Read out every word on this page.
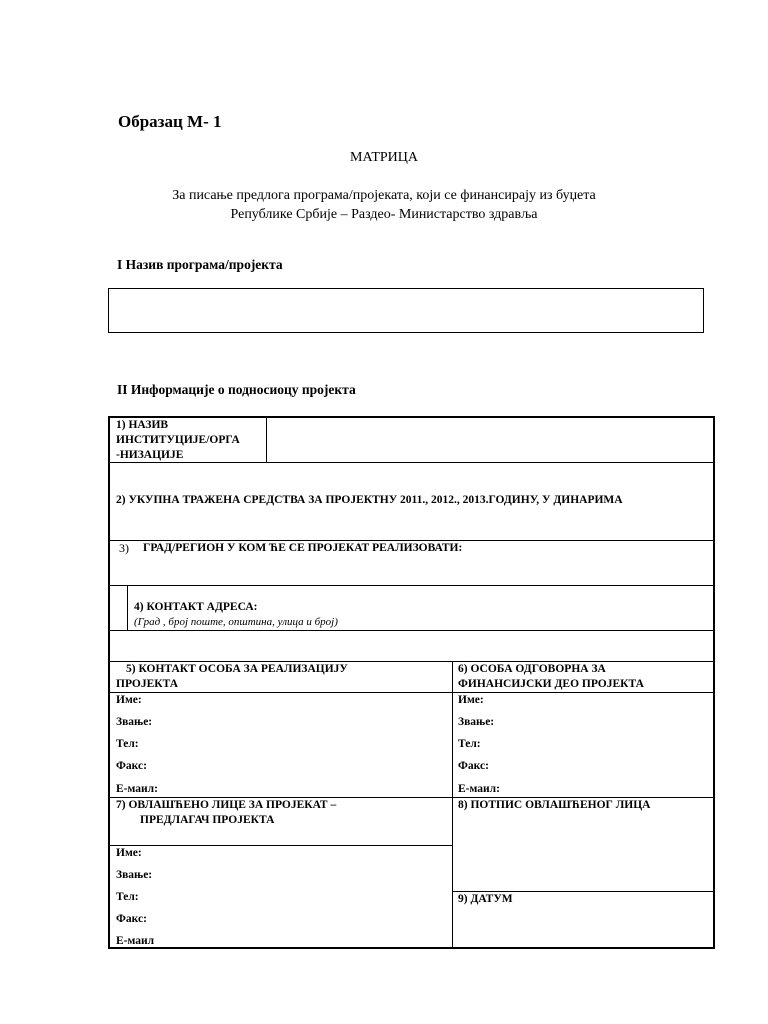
Образац М- 1
МАТРИЦА
За писање предлога програма/пројеката, који се финансирају из буџета
Републике Србије – Раздео- Министарство здравља
I Назив програма/пројекта
II Информације о подносиоцу пројекта
1) НАЗИВ
ИНСТИТУЦИЈЕ/ОРГА
-НИЗАЦИЈЕ
2) УКУПНА ТРАЖЕНА СРЕДСТВА ЗА ПРОЈЕКТНУ 2011., 2012., 2013.ГОДИНУ, У ДИНАРИМА
3) ГРАД/РЕГИОН У КОМ ЋЕ СЕ ПРОЈЕКАТ РЕАЛИЗОВАТИ:
4) КОНТАКТ АДРЕСА:
(Град , број поште, општина, улица и број)
5) КОНТАКТ ОСОБА ЗА РЕАЛИЗАЦИЈУ
ПРОЈЕКТА
6) ОСОБА ОДГОВОРНА ЗА
ФИНАНСИЈСКИ ДЕО ПРОЈЕКТА
Име:
Звање:
Тел:
Факс:
Е-маил:
Име:
Звање:
Тел:
Факс:
Е-маил:
7) ОВЛАШЋЕНО ЛИЦЕ ЗА ПРОЈЕКАТ –
ПРЕДЛАГАЧ ПРОЈЕКТА
Име:
Звање:
Тел:
Факс:
Е-маил
8) ПОТПИС ОВЛАШЋЕНОГ ЛИЦА
9) ДАТУМ
